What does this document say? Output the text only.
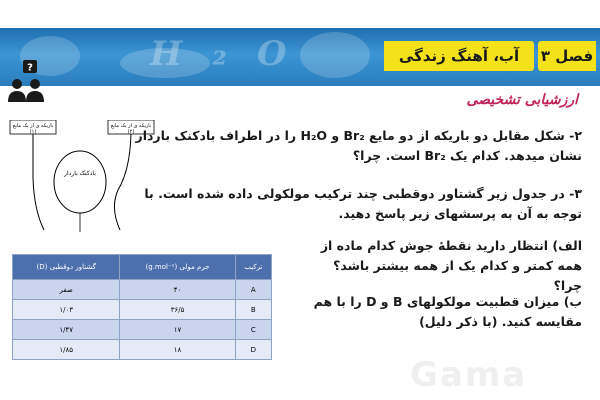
H₂O	فصل ۳
آب، آهنگ زندگی
?
ارزشیابی تشخیصی
باریکه ی از یک مایع (۱)
باریکه ی از یک مایع (۲)
بادکنک باردار
۲- شکل مقابل دو باریکه از دو مایع Br₂ و H₂O را در اطراف بادکنک باردار نشان میدهد. کدام یک Br₂ است. چرا؟
۳- در جدول زیر گشتاور دوقطبی چند ترکیب مولکولی داده شده است. با توجه به آن به پرسشهای زیر پاسخ دهید.
الف) انتظار دارید نقطهٔ جوش کدام ماده از همه کمتر و کدام یک از همه بیشتر باشد؟ چرا؟
ب) میزان قطبیت مولکولهای B و D را با هم مقایسه کنید. (با ذکر دلیل)
ترکیب	جرم مولی (g.mol⁻¹)	گشتاور دوقطبی (D)
A	۴۰	صفر
B	۳۶/۵	۱/۰۳
C	۱۷	۱/۴۷
D	۱۸	۱/۸۵
Gama
